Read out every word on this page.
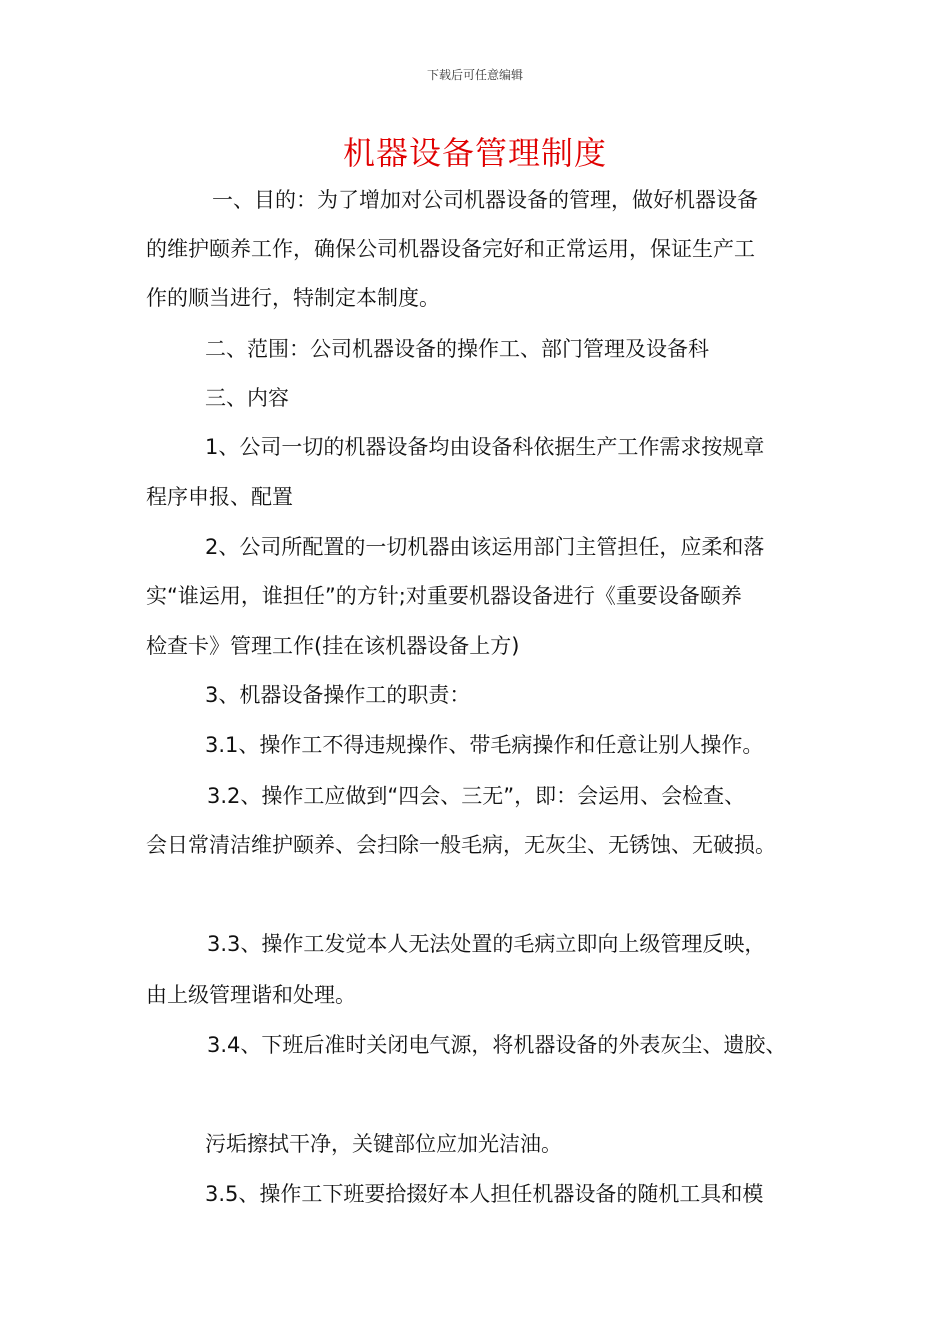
下载后可任意编辑
机器设备管理制度
一、目的：为了增加对公司机器设备的管理，做好机器设备
的维护颐养工作，确保公司机器设备完好和正常运用，保证生产工
作的顺当进行，特制定本制度。
二、范围：公司机器设备的操作工、部门管理及设备科
三、内容
1、公司一切的机器设备均由设备科依据生产工作需求按规章
程序申报、配置
2、公司所配置的一切机器由该运用部门主管担任，应柔和落
实“谁运用，谁担任”的方针;对重要机器设备进行《重要设备颐养
检查卡》管理工作(挂在该机器设备上方)
3、机器设备操作工的职责：
3.1、操作工不得违规操作、带毛病操作和任意让别人操作。
3.2、操作工应做到“四会、三无”，即：会运用、会检查、
会日常清洁维护颐养、会扫除一般毛病，无灰尘、无锈蚀、无破损。
3.3、操作工发觉本人无法处置的毛病立即向上级管理反映，
由上级管理谐和处理。
3.4、下班后准时关闭电气源，将机器设备的外表灰尘、遗胶、
污垢擦拭干净，关键部位应加光洁油。
3.5、操作工下班要拾掇好本人担任机器设备的随机工具和模
